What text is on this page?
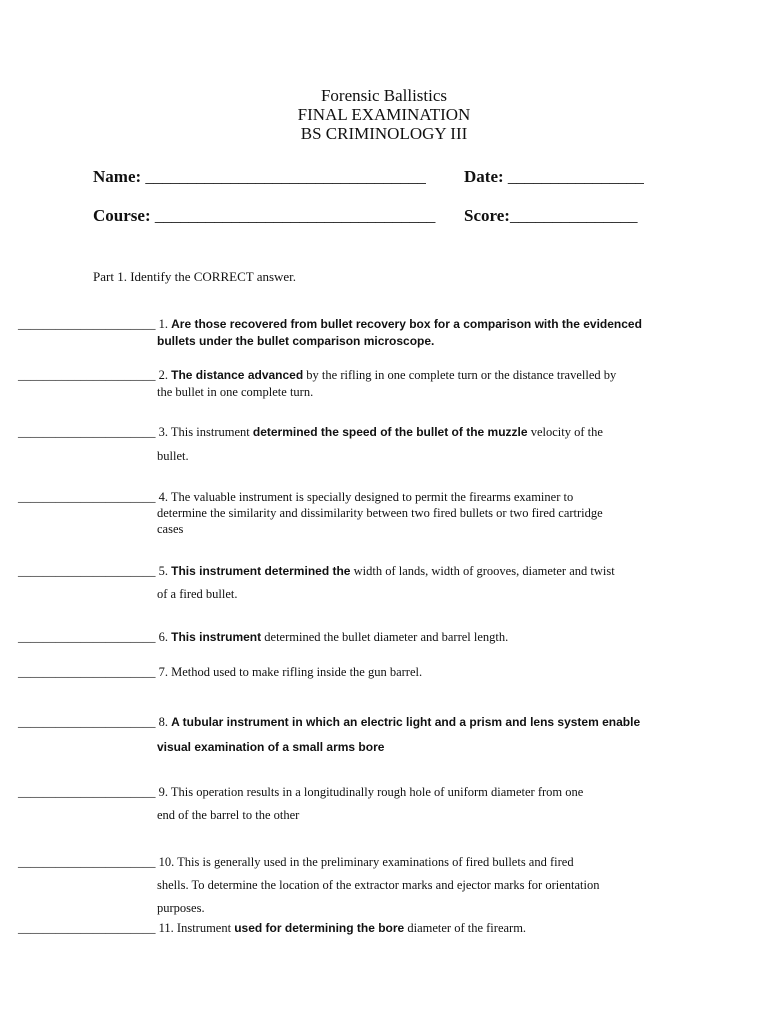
Forensic Ballistics
FINAL EXAMINATION
BS CRIMINOLOGY III
Name: _________________________________ Date: ________________
Course: _________________________________ Score:_______________
Part 1. Identify the CORRECT answer.
______________________ 1. Are those recovered from bullet recovery box for a comparison with the evidenced
bullets under the bullet comparison microscope.
______________________ 2. The distance advanced by the rifling in one complete turn or the distance travelled by
the bullet in one complete turn.
______________________ 3. This instrument determined the speed of the bullet of the muzzle velocity of the
bullet.
______________________ 4. The valuable instrument is specially designed to permit the firearms examiner to
determine the similarity and dissimilarity between two fired bullets or two fired cartridge
cases
______________________ 5. This instrument determined the width of lands, width of grooves, diameter and twist
of a fired bullet.
______________________ 6. This instrument determined the bullet diameter and barrel length.
______________________ 7. Method used to make rifling inside the gun barrel.
______________________ 8. A tubular instrument in which an electric light and a prism and lens system enable
visual examination of a small arms bore
______________________ 9. This operation results in a longitudinally rough hole of uniform diameter from one
end of the barrel to the other
______________________ 10. This is generally used in the preliminary examinations of fired bullets and fired
shells. To determine the location of the extractor marks and ejector marks for orientation
purposes.
______________________ 11. Instrument used for determining the bore diameter of the firearm.
